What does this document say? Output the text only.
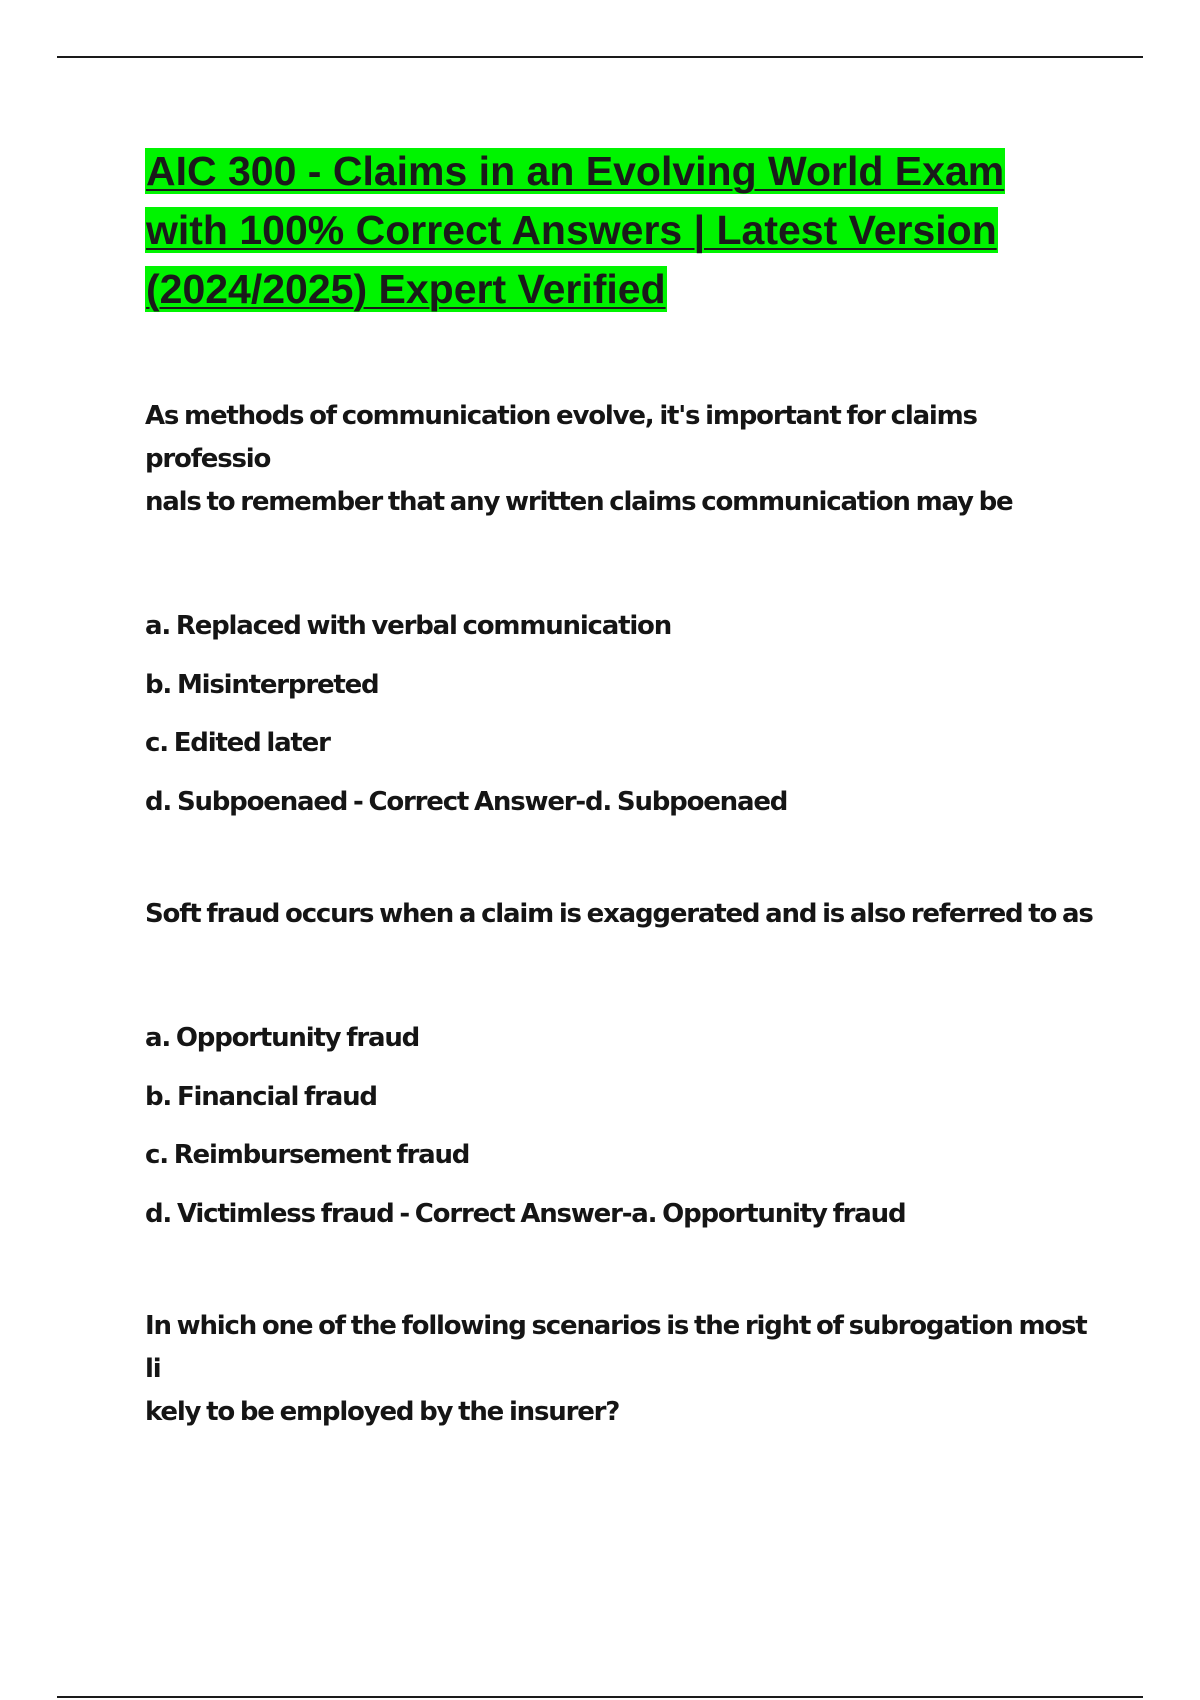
AIC 300 - Claims in an Evolving World Exam
with 100% Correct Answers | Latest Version
(2024/2025) Expert Verified

As methods of communication evolve, it's important for claims professio
nals to remember that any written claims communication may be

a. Replaced with verbal communication
b. Misinterpreted
c. Edited later
d. Subpoenaed - Correct Answer-d. Subpoenaed

Soft fraud occurs when a claim is exaggerated and is also referred to as

a. Opportunity fraud
b. Financial fraud
c. Reimbursement fraud
d. Victimless fraud - Correct Answer-a. Opportunity fraud

In which one of the following scenarios is the right of subrogation most li
kely to be employed by the insurer?
